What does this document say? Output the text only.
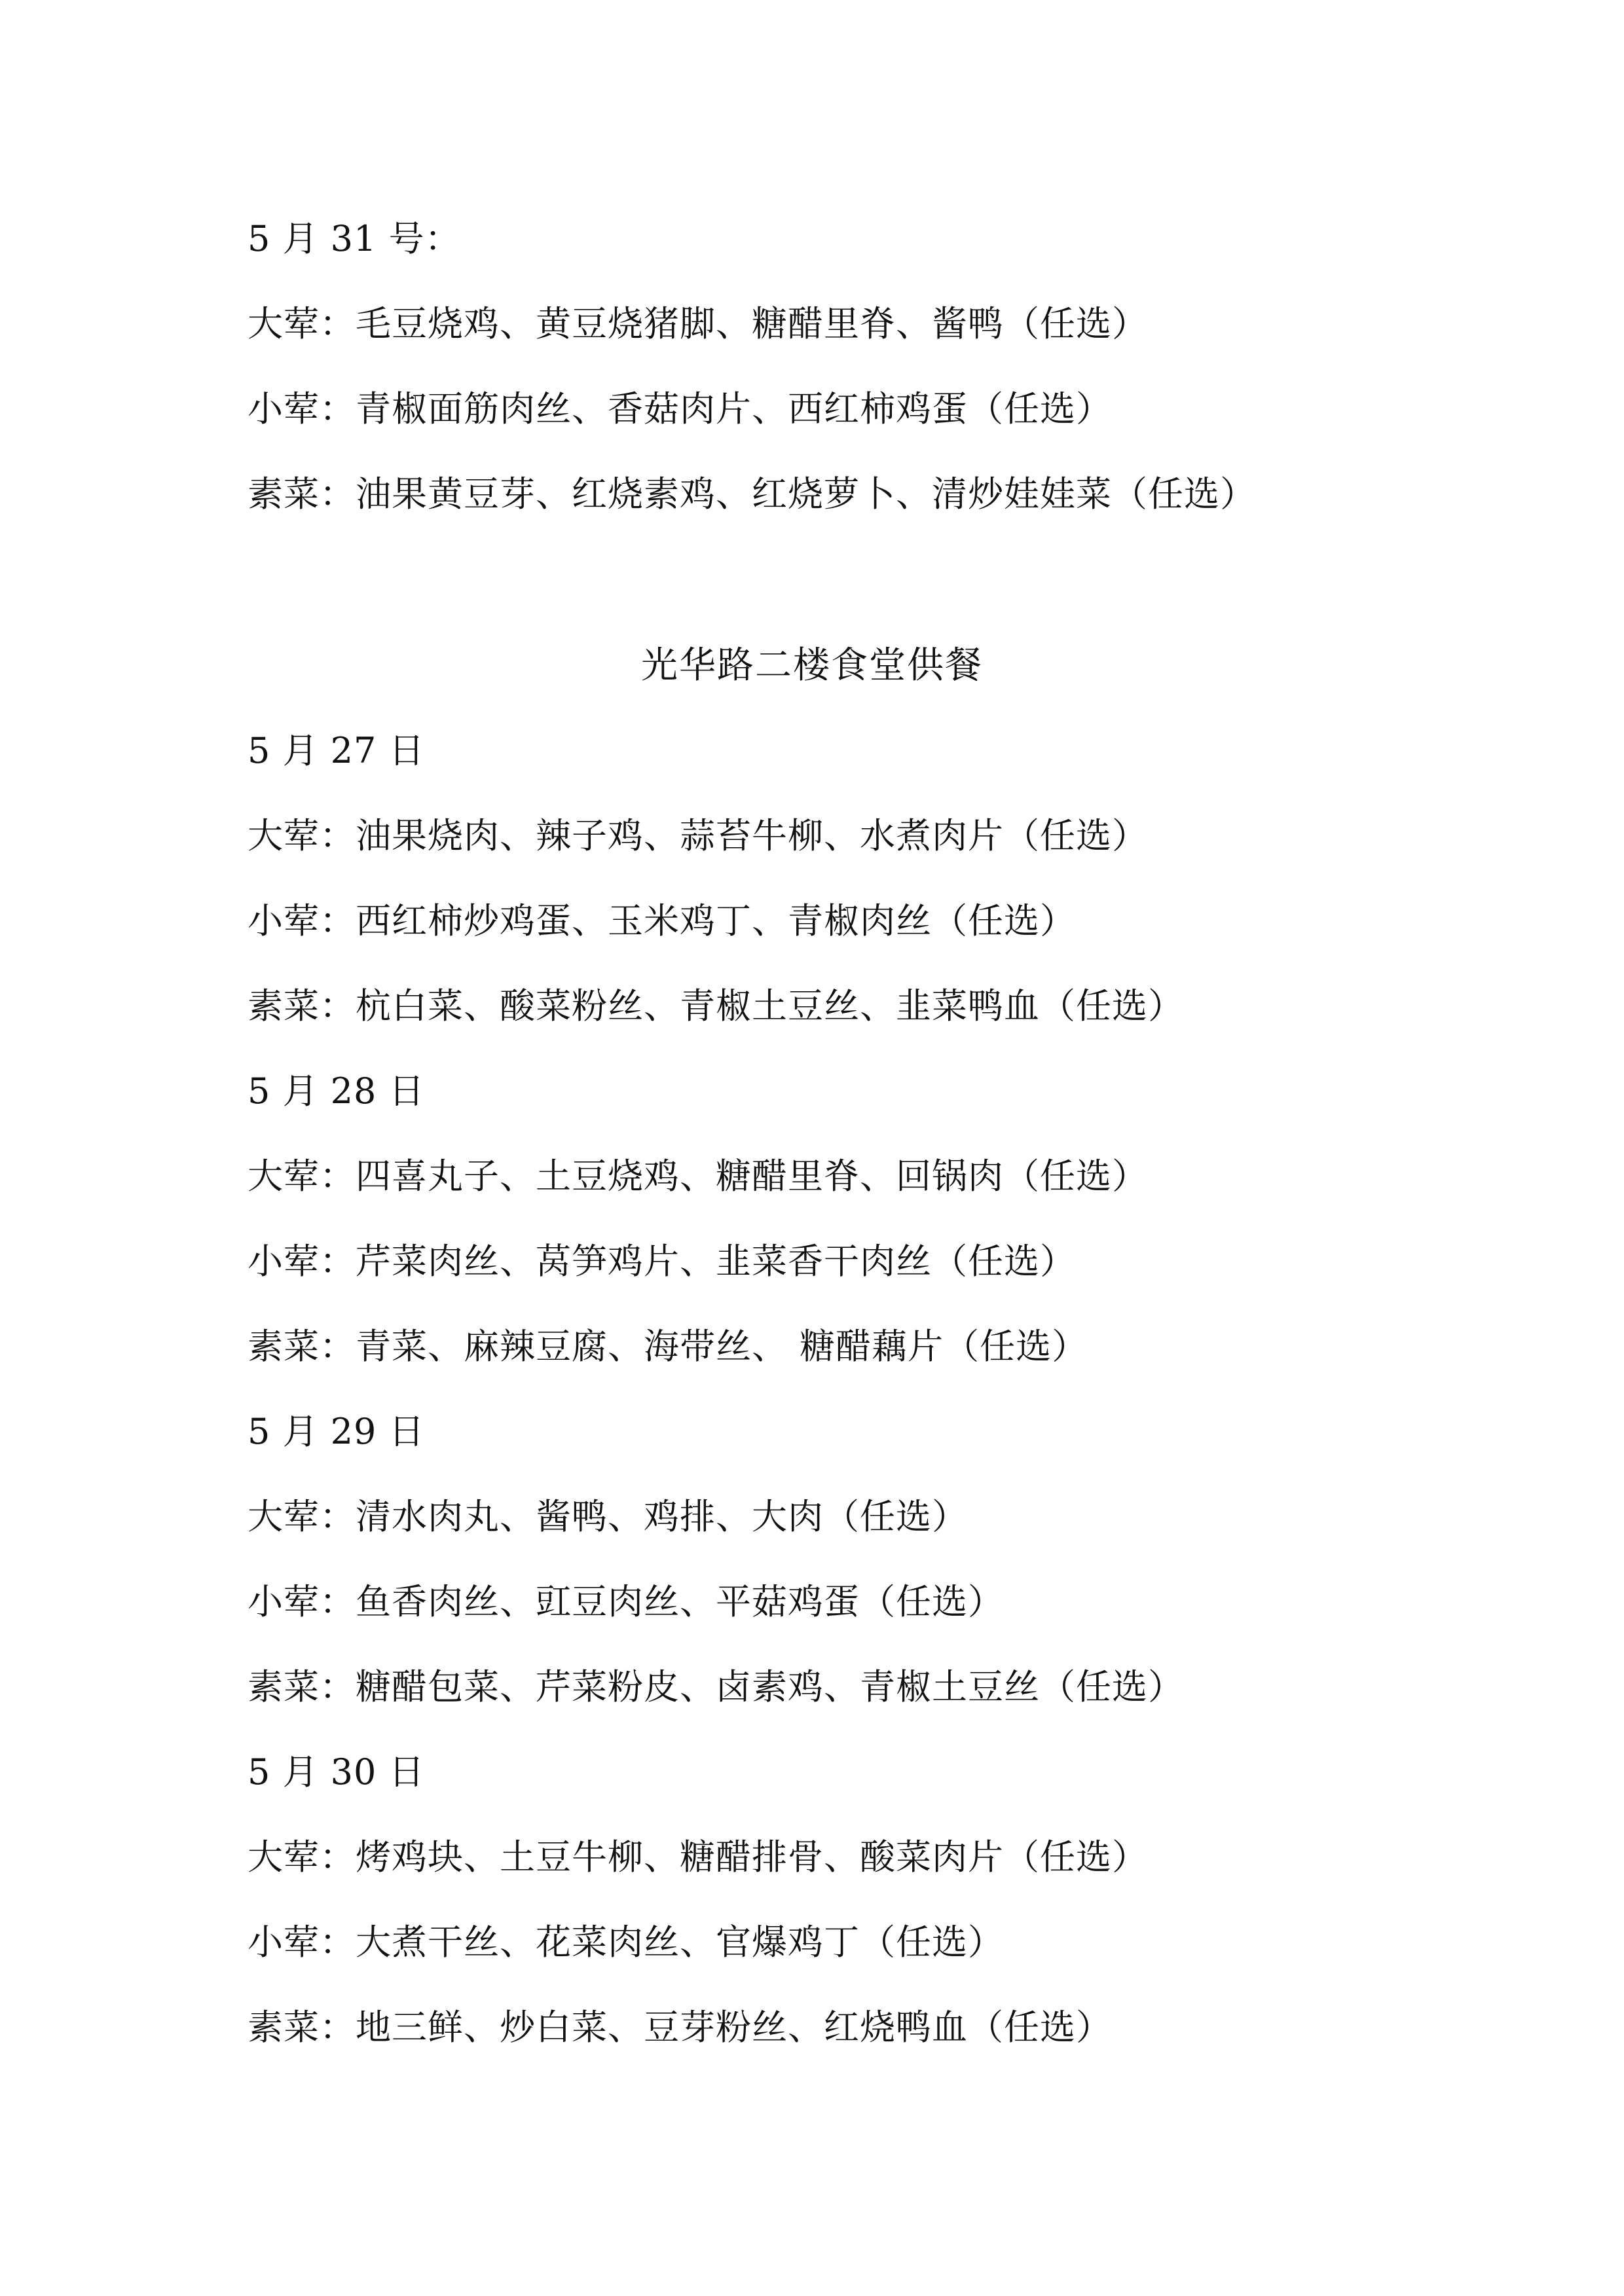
5 月 31 号：
大荤：毛豆烧鸡、黄豆烧猪脚、糖醋里脊、酱鸭（任选）
小荤：青椒面筋肉丝、香菇肉片、西红柿鸡蛋（任选）
素菜：油果黄豆芽、红烧素鸡、红烧萝卜、清炒娃娃菜（任选）
光华路二楼食堂供餐
5 月 27 日
大荤：油果烧肉、辣子鸡、蒜苔牛柳、水煮肉片（任选）
小荤：西红柿炒鸡蛋、玉米鸡丁、青椒肉丝（任选）
素菜：杭白菜、酸菜粉丝、青椒土豆丝、韭菜鸭血（任选）
5 月 28 日
大荤：四喜丸子、土豆烧鸡、糖醋里脊、回锅肉（任选）
小荤：芹菜肉丝、莴笋鸡片、韭菜香干肉丝（任选）
素菜：青菜、麻辣豆腐、海带丝、 糖醋藕片（任选）
5 月 29 日
大荤：清水肉丸、酱鸭、鸡排、大肉（任选）
小荤：鱼香肉丝、豇豆肉丝、平菇鸡蛋（任选）
素菜：糖醋包菜、芹菜粉皮、卤素鸡、青椒土豆丝（任选）
5 月 30 日
大荤：烤鸡块、土豆牛柳、糖醋排骨、酸菜肉片（任选）
小荤：大煮干丝、花菜肉丝、官爆鸡丁（任选）
素菜：地三鲜、炒白菜、豆芽粉丝、红烧鸭血（任选）
